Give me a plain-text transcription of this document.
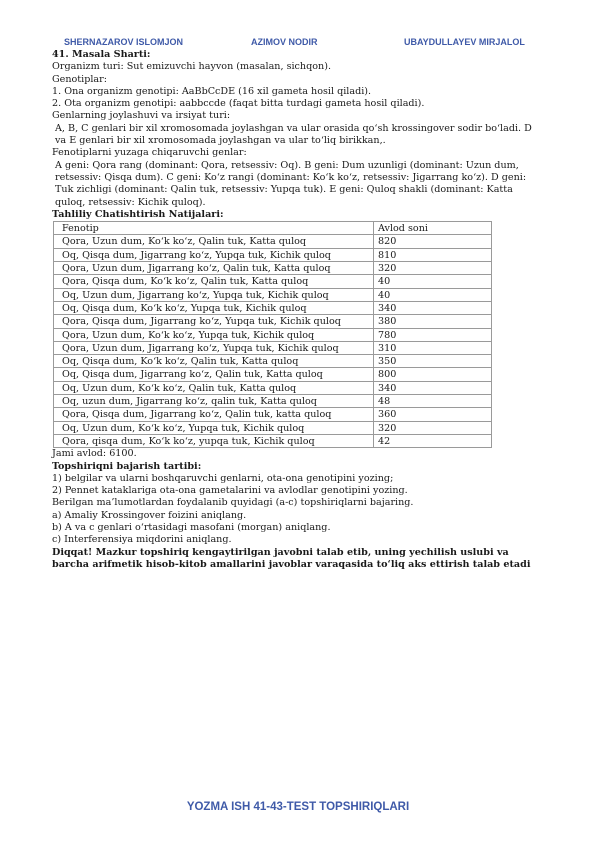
SHERNAZAROV ISLOMJON	AZIMOV NODIR	UBAYDULLAYEV MIRJALOL

41. Masala Sharti:

Organizm turi: Sut emizuvchi hayvon (masalan, sichqon).

Genotiplar:

1. Ona organizm genotipi: AaBbCcDE (16 xil gameta hosil qiladi).

2. Ota organizm genotipi: aabbccde (faqat bitta turdagi gameta hosil qiladi).

Genlarning joylashuvi va irsiyat turi:

A, B, C genlari bir xil xromosomada joylashgan va ular orasida qo‘sh krossingover sodir bo‘ladi. D va E genlari bir xil xromosomada joylashgan va ular to‘liq birikkan,.

Fenotiplarni yuzaga chiqaruvchi genlar:

A geni: Qora rang (dominant: Qora, retsessiv: Oq). B geni: Dum uzunligi (dominant: Uzun dum, retsessiv: Qisqa dum). C geni: Ko‘z rangi (dominant: Ko‘k ko‘z, retsessiv: Jigarrang ko‘z). D geni: Tuk zichligi (dominant: Qalin tuk, retsessiv: Yupqa tuk). E geni: Quloq shakli (dominant: Katta quloq, retsessiv: Kichik quloq).

Tahliliy Chatishtirish Natijalari:

Fenotip	Avlod soni
Qora, Uzun dum, Ko‘k ko‘z, Qalin tuk, Katta quloq	820
Oq, Qisqa dum, Jigarrang ko‘z, Yupqa tuk, Kichik quloq	810
Qora, Uzun dum, Jigarrang ko‘z, Qalin tuk, Katta quloq	320
Qora, Qisqa dum, Ko‘k ko‘z, Qalin tuk, Katta quloq	40
Oq, Uzun dum, Jigarrang ko‘z, Yupqa tuk, Kichik quloq	40
Oq, Qisqa dum, Ko‘k ko‘z, Yupqa tuk, Kichik quloq	340
Qora, Qisqa dum, Jigarrang ko‘z, Yupqa tuk, Kichik quloq	380
Qora, Uzun dum, Ko‘k ko‘z, Yupqa tuk, Kichik quloq	780
Qora, Uzun dum, Jigarrang ko‘z, Yupqa tuk, Kichik quloq	310
Oq, Qisqa dum, Ko‘k ko‘z, Qalin tuk, Katta quloq	350
Oq, Qisqa dum, Jigarrang ko‘z, Qalin tuk, Katta quloq	800
Oq, Uzun dum, Ko‘k ko‘z, Qalin tuk, Katta quloq	340
Oq, uzun dum, Jigarrang ko‘z, qalin tuk, Katta quloq	48
Qora, Qisqa dum, Jigarrang ko‘z, Qalin tuk, katta quloq	360
Oq, Uzun dum, Ko‘k ko‘z, Yupqa tuk, Kichik quloq	320
Qora, qisqa dum, Ko‘k ko‘z, yupqa tuk, Kichik quloq	42

Jami avlod: 6100.

Topshiriqni bajarish tartibi:

1) belgilar va ularni boshqaruvchi genlarni, ota-ona genotipini yozing;

2) Pennet kataklariga ota-ona gametalarini va avlodlar genotipini yozing.

Berilgan ma’lumotlardan foydalanib quyidagi (a-c) topshiriqlarni bajaring.

a) Amaliy Krossingover foizini aniqlang.

b) A va c genlari o‘rtasidagi masofani (morgan) aniqlang.

c) Interferensiya miqdorini aniqlang.

Diqqat! Mazkur topshiriq kengaytirilgan javobni talab etib, uning yechilish uslubi va barcha arifmetik hisob-kitob amallarini javoblar varaqasida to‘liq aks ettirish talab etadi

YOZMA ISH 41-43-TEST TOPSHIRIQLARI
